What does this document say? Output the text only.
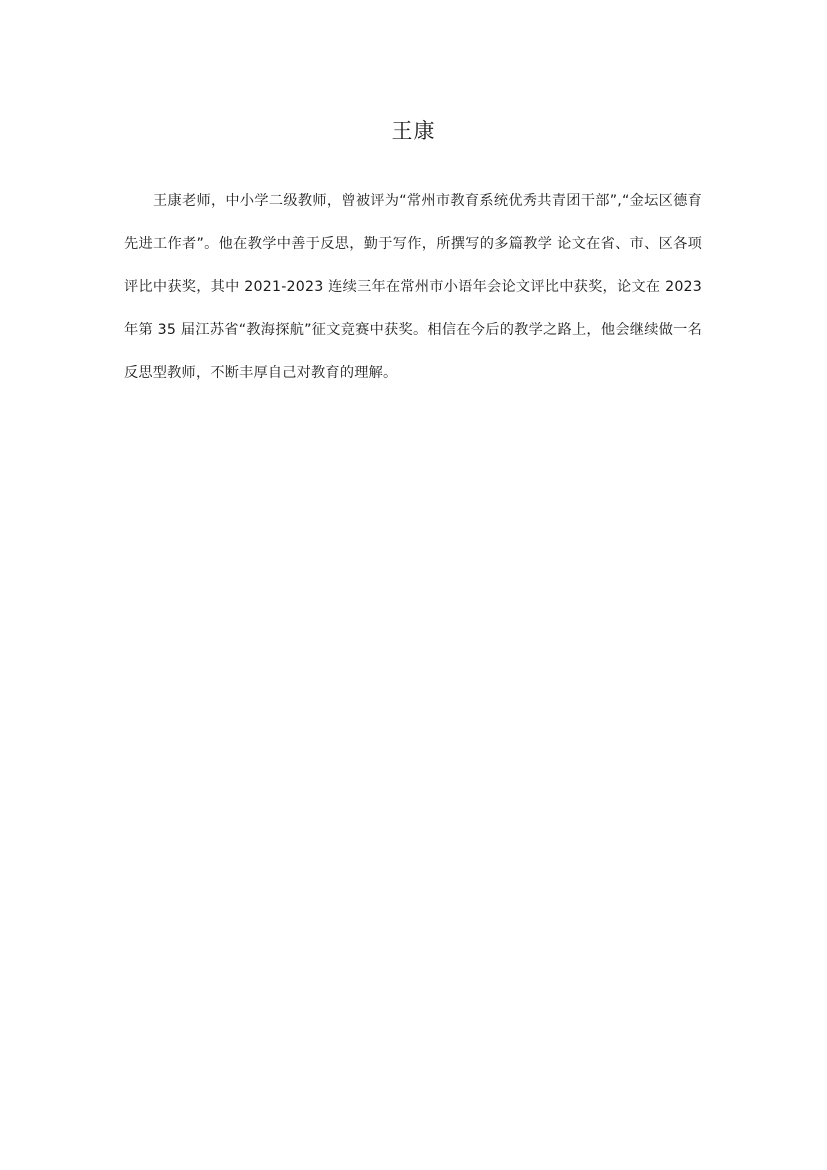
王康

王康老师，中小学二级教师，曾被评为“常州市教育系统优秀共青团干部”,“金坛区德育先进工作者”。他在教学中善于反思，勤于写作，所撰写的多篇教学 论文在省、市、区各项评比中获奖，其中 2021-2023 连续三年在常州市小语年会论文评比中获奖，论文在 2023 年第 35 届江苏省“教海探航”征文竞赛中获奖。相信在今后的教学之路上，他会继续做一名反思型教师，不断丰厚自己对教育的理解。
